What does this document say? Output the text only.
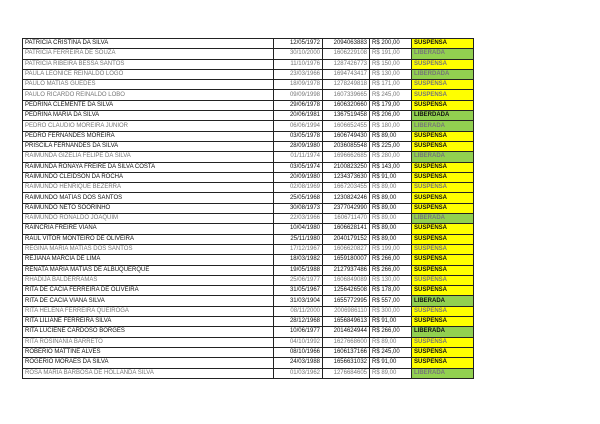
PATRICIA CRISTINA DA SILVA	12/05/1972	2094063883	R$ 200,00	SUSPENSA
PATRICIA FERREIRA DE SOUZA	30/10/2000	1606229108	R$ 191,00	LIBERADA
PATRICIA RIBEIRA BESSA SANTOS	11/10/1976	1287426773	R$ 150,00	SUSPENSA
PAULA LEONICE REINALDO LOGO	23/03/1966	1694743417	R$ 130,00	LIBERDADA
PAULO MATIAS GUEDES	18/09/1978	1278249818	R$ 171,00	SUSPENSA
PAULO RICARDO REINALDO LOBO	09/09/1998	1607339665	R$ 245,00	SUSPENSA
PEDRINA CLEMENTE DA SILVA	29/06/1978	1606320660	R$ 179,00	SUSPENSA
PEDRINA MARIA DA SILVA	20/06/1981	1367519458	R$ 206,00	LIBERDADA
PEDRO CLAUDIO MOREIRA JUNIOR	06/06/1994	1606652455	R$ 180,00	LIBERADA
PEDRO FERNANDES MOREIRA	03/05/1978	1606749430	R$ 89,00	SUSPENSA
PRISCILA FERNANDES DA SILVA	28/09/1980	2036085548	R$ 225,00	SUSPENSA
RAIMUNDA GIZELIA FELIPE DA SILVA	01/11/1974	1696662685	R$ 280,00	LIBERADA
RAIMUNDA RONAYA FREIRE DA SILVA COSTA	03/05/1974	2100823250	R$ 143,00	SUSPENSA
RAIMUNDO CLEIDSON DA ROCHA	20/09/1980	1234373630	R$ 91,00	SUSPENSA
RAIMUNDO HENRIQUE BEZERRA	02/08/1969	1667203455	R$ 89,00	SUSPENSA
RAIMUNDO MATIAS DOS SANTOS	25/05/1968	1230824246	R$ 89,00	SUSPENSA
RAIMUNDO NETO SOORINHO	30/08/1973	2377042990	R$ 89,00	SUSPENSA
RAIMUNDO RONALDO JOAQUIM	22/03/1966	1606711470	R$ 89,00	LIBERADA
RAINCRIA FREIRE VIANA	10/04/1980	1606628141	R$ 89,00	SUSPENSA
RAUL VITOR MONTEIRO DE OLIVEIRA	25/11/1980	2040179152	R$ 89,00	SUSPENSA
REGINA MARIA MATIAS DOS SANTOS	17/12/1967	1606620827	R$ 199,00	SUSPENSA
REJIANA MARCIA DE LIMA	18/03/1982	1659180007	R$ 266,00	SUSPENSA
RENATA MARIA MATIAS DE ALBUQUERQUE	19/05/1988	2127937486	R$ 266,00	SUSPENSA
RHADIJA BALDERRAMAS	25/06/1977	1606849089	R$ 130,00	SUSPENSA
RITA DE CACIA FERREIRA DE OLIVEIRA	31/05/1967	1256426508	R$ 178,00	SUSPENSA
RITA DE CACIA VIANA SILVA	31/03/1904	1655772995	R$ 557,00	LIBERADA
RITA HELENA FERREIRA QUEIROGA	08/11/2000	2006986110	R$ 300,00	SUSPENSA
RITA LILIANE FERREIRA SILVA	28/12/1968	1656849613	R$ 91,00	SUSPENSA
RITA LUCIENE CARDOSO BORGES	10/06/1977	2014624944	R$ 266,00	LIBERADA
RITA ROSINANIA BARRETO	04/10/1992	1627668600	R$ 89,00	SUSPENSA
ROBERIO MATTINE ALVES	08/10/1966	1606137166	R$ 245,00	SUSPENSA
ROGERIO MORAES DA SILVA	24/03/1988	1656631032	R$ 91,00	SUSPENSA
ROSA MARIA BARBOSA DE HOLLANDA SILVA	01/03/1962	1276684605	R$ 89,00	LIBERADA
